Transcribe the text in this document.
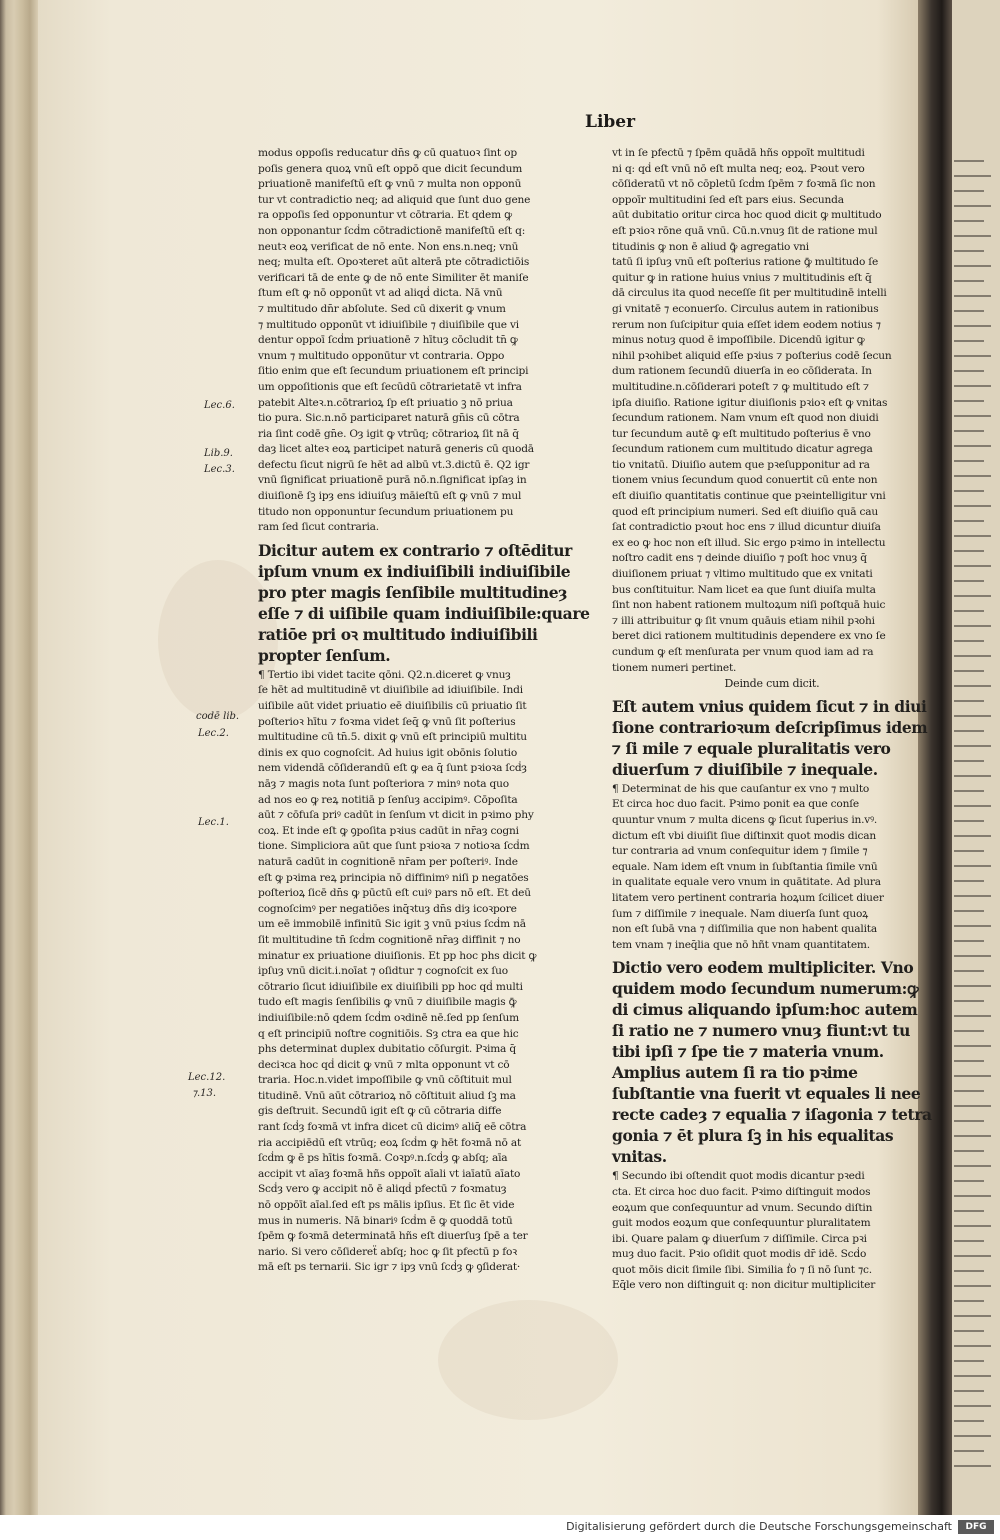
Liber
Lec.6.
Lib.9.
Lec.3.
codē lib.
Lec.2.
Lec.1.
Lec.12.
⁊.13.
modus oppoſis reducatur dn̄s ꝙ cū quatuoꝛ ſint op
poſis genera quoꝝ vnū eſt oppō que dicit ſecundum
priuationē manifeſtū eſt ꝙ vnū ⁊ multa non opponū
tur vt contradictio neq; ad aliquid que ſunt duo gene
ra oppoſis ſed opponuntur vt cōtraria. Et qdem ꝙ
non opponantur ſcḋm cōtradictionē manifeſtū eſt q:
neutꝛ eoꝝ verificat de nō ente. Non ens.n.neq; vnū
neq; multa eſt. Opoꝛteret aūt alterā pte cōtradictiōis
verificari tā de ente ꝙ de nō ente Similiter ēt maniſe
ſtum eſt ꝙ nō opponūt vt ad aliqḋ dicta. Nā vnū
⁊ multitudo dn̄r abſolute. Sed cū dixerit ꝙ vnum
⁊ multitudo opponūt vt idiuiſibile ⁊ diuiſibile que vi
dentur oppoī ſcḋm priuationē ⁊ hītuȝ cōcludit tn̄ ꝙ
vnum ⁊ multitudo opponūtur vt contraria. Oppo
ſitio enim que eſt ſecundum priuationem eſt principi
um oppoſitionis que eſt ſecūdū cōtrarietatē vt infra
patebit Alteꝛ.n.cōtrarioꝝ ſp eſt priuatio ꝫ nō priua
tio pura. Sic.n.nō participaret naturā gn̄is cū cōtra
ria ſint codē gn̄e. Oȝ igit ꝙ vtrūq; cōtrarioꝝ ſit nā q̄
daȝ licet alteꝛ eoꝝ participet naturā generis cū quodā
defectu ſicut nigrū ſe hēt ad albū vt.3.dictū ē. Q2 igr
vnū ſignificat priuationē purā nō.n.ſignificat ipſaȝ in
diuiſionē ſꝫ ipȝ ens idiuiſuȝ māieſtū eſt ꝙ vnū ⁊ mul
titudo non opponuntur ſecundum priuationem pu
ram ſed ſicut contraria.

Dicitur autem ex contrario ⁊ oſtēditur ipſum vnum ex indiuiſibili indiuiſibile pro pter magis ſenſibile multitudineȝ eſſe ⁊ di uiſibile quam indiuiſibile:quare ratiōe pri oꝛ multitudo indiuiſibili propter ſenſum.

¶ Tertio ibi videt tacite qōni. Q2.n.diceret ꝙ vnuȝ
ſe hēt ad multitudinē vt diuiſibile ad idiuiſibile. Indi
uiſibile aūt videt priuatio eē diuiſibilis cū priuatio ſit
poſterioꝛ hītu ⁊ foꝛma videt ſeq̄ ꝙ vnū ſit poſterius
multitudine cū tn̄.5. dixit ꝙ vnū eſt principiū multitu
dinis ex quo cognoſcit. Ad huius igit obōnis ſolutio
nem videndā cōſiderandū eſt ꝙ ea q̄ ſunt pꝛioꝛa ſcḋȝ
nāȝ ⁊ magis nota ſunt poſteriora ⁊ minꝰ nota quo
ad nos eo ꝙ reꝝ notitiā p ſenſuȝ accipimꝰ. Cōpoſita
aūt ⁊ cōfuſa priꝰ cadūt in ſenſum vt dicit in pꝛimo phy
coꝝ. Et inde eſt ꝙ ꝯpoſita pꝛius cadūt in nr̄aȝ cogni
tione. Simpliciora aūt que ſunt pꝛioꝛa ⁊ notioꝛa ſcḋm
naturā cadūt in cognitionē nr̄am per poſteriꝰ. Inde
eſt ꝙ pꝛima reꝝ principia nō diffinimꝰ niſi p negatōes
poſterioꝝ ſicē dn̄s ꝙ pūctū eſt cuiꝰ pars nō eſt. Et deū
cognoſcimꝰ per negatiōes inq̄ꝛtuȝ dn̄s diȝ icoꝛpore
um eē immobilē infinitū Sic igit ꝫ vnū pꝛius ſcḋm nā
ſit multitudine tn̄ ſcḋm cognitionē nr̄aȝ diffinit ⁊ no
minatur ex priuatione diuiſionis. Et pp hoc phs dicit ꝙ
ipſuȝ vnū dicit.i.noīat ⁊ oſidtur ⁊ cognoſcit ex ſuo
cōtrario ſicut idiuiſibile ex diuiſibili pp hoc qḋ multi
tudo eſt magis ſenſibilis ꝙ vnū ⁊ diuiſibile magis ꝙ̄
indiuiſibile:nō qdem ſcḋm oꝛdinē nē.ſed pp ſenſum
q eſt principiū noſtre cognitiōis. Sȝ ctra ea que hic
phs determinat duplex dubitatio cōſurgit. Pꝛima q̄
deciꝛca hoc qḋ dicit ꝙ vnū ⁊ mlta opponunt vt cō
traria. Hoc.n.videt impoſſibile ꝙ vnū cōſtituit mul
titudinē. Vnū aūt cōtrarioꝝ nō cōſtituit aliud ſꝫ ma
gis deſtruit. Secundū igit eſt ꝙ cū cōtraria diffe
rant ſcḋȝ foꝛmā vt infra dicet cū dicimꝰ aliq̄ eē cōtra
ria accipiēdū eſt vtrūq; eoꝝ ſcḋm ꝙ hēt foꝛmā nō at
ſcḋm ꝙ ē ps hītis foꝛmā. Coꝛpꝰ.n.ſcḋȝ ꝙ abſq; aīa
accipit vt aīaȝ foꝛmā hñs oppoīt aīali vt iaīatū aīato
Scḋȝ vero ꝙ accipit nō ē aliqḋ pfectū ⁊ foꝛmatuȝ
nō oppōīt aīal.ſed eſt ps mālis ipſius. Et ſic ēt vide
mus in numeris. Nā binariꝰ ſcḋm ē ꝙ quoddā totū
ſpēm ꝙ foꝛmā determinatā hñs eſt diuerſuȝ ſpē a ter
nario. Si vero cōſidereẗ abſq; hoc ꝙ ſit pfectū p foꝛ
mā eſt ps ternarii. Sic igr ⁊ ipȝ vnū ſcḋȝ ꝙ ꝯſiderat·
vt in ſe pfectū ⁊ ſpēm quādā hñs oppoīt multitudi
ni q: qḋ eſt vnū nō eſt multa neq; eoꝝ. Pꝛout vero
cōſideratū vt nō cōpletū ſcḋm ſpēm ⁊ foꝛmā ſic non
oppoīr multitudini ſed eſt pars eius. Secunda
aūt dubitatio oritur circa hoc quod dicit ꝙ multitudo
eſt pꝛioꝛ rōne quā vnū. Cū.n.vnuȝ ſit de ratione mul
titudinis ꝙ non ē aliud ꝙ̄ agregatio vni
tatū ſi ipſuȝ vnū eſt poſterius ratione ꝙ̄ multitudo ſe
quitur ꝙ in ratione huius vnius ⁊ multitudinis eſt q̄
dā circulus ita quod neceſſe ſit per multitudinē intelli
gi vnitatē ⁊ econuerſo. Circulus autem in rationibus
rerum non ſuſcipitur quia eſſet idem eodem notius ⁊
minus notuȝ quod ē impoſſibile. Dicendū igitur ꝙ
nihil pꝛohibet aliquid eſſe pꝛius ⁊ poſterius codē ſecun
dum rationem ſecundū diuerſa in eo cōſiderata. In
multitudine.n.cōſiderari poteſt ⁊ ꝙ multitudo eſt ⁊
ipſa diuiſio. Ratione igitur diuiſionis pꝛioꝛ eſt ꝙ vnitas
ſecundum rationem. Nam vnum eſt quod non diuidi
tur ſecundum autē ꝙ eſt multitudo poſterius ē vno
ſecundum rationem cum multitudo dicatur agrega
tio vnitatū. Diuiſio autem que pꝛeſupponitur ad ra
tionem vnius ſecundum quod conuertit cū ente non
eſt diuiſio quantitatis continue que pꝛeintelligitur vni
quod eſt principium numeri. Sed eſt diuiſio quā cau
ſat contradictio pꝛout hoc ens ⁊ illud dicuntur diuiſa
ex eo ꝙ hoc non eſt illud. Sic ergo pꝛimo in intellectu
noſtro cadit ens ⁊ deinde diuiſio ⁊ poſt hoc vnuȝ q̄
diuiſionem priuat ⁊ vltimo multitudo que ex vnitati
bus conſtituitur. Nam licet ea que ſunt diuiſa multa
ſint non habent rationem multoꝝum niſi poſtquā huic
⁊ illi attribuitur ꝙ ſit vnum quāuis etiam nihil pꝛohi
beret dici rationem multitudinis dependere ex vno ſe
cundum ꝙ eſt menſurata per vnum quod iam ad ra
tionem numeri pertinet.

Deinde cum dicit.

Eſt autem vnius quidem ſicut ⁊ in diui ſione contrarioꝛum deſcripſimus idem ⁊ ſi mile ⁊ equale pluralitatis vero diuerſum ⁊ diuiſibile ⁊ inequale.

¶ Determinat de his que cauſantur ex vno ⁊ multo
Et circa hoc duo facit. Pꝛimo ponit ea que conſe
quuntur vnum ⁊ multa dicens ꝙ ſicut ſuperius in.vꝰ.
dictum eſt vbi diuiſit ſiue diſtinxit quot modis dican
tur contraria ad vnum conſequitur idem ⁊ ſimile ⁊
equale. Nam idem eſt vnum in ſubſtantia ſimile vnū
in qualitate equale vero vnum in quātitate. Ad plura
litatem vero pertinent contraria hoꝝum ſcilicet diuer
ſum ⁊ diſſimile ⁊ inequale. Nam diuerſa ſunt quoꝝ
non eſt ſubā vna ⁊ diſſimilia que non habent qualita
tem vnam ⁊ ineq̄lia que nō hñt vnam quantitatem.

Dictio vero eodem multipliciter. Vno quidem modo ſecundum numerum:ꝙ di cimus aliquando ipſum:hoc autem ſi ratio ne ⁊ numero vnuȝ fiunt:vt tu tibi ipſi ⁊ ſpe tie ⁊ materia vnum. Amplius autem ſi ra tio pꝛime ſubſtantie vna fuerit vt equales li nee recte cadeȝ ⁊ equalia ⁊ iſagonia ⁊ tetra gonia ⁊ ēt plura ſꝫ in his equalitas vnitas.

¶ Secundo ibi oſtendit quot modis dicantur pꝛedi
cta. Et circa hoc duo facit. Pꝛimo diſtinguit modos
eoꝝum que conſequuntur ad vnum. Secundo diſtin
guit modos eoꝝum que conſequuntur pluralitatem
ibi. Quare palam ꝙ diuerſum ⁊ diſſimile. Circa pꝛi
muȝ duo facit. Pꝛio oſidit quot modis dr̄ idē. Scḋo
quot mōis dicit ſimile ſibi. Similia ḟo ⁊ ſi nō ſunt ⁊c.
Eq̄le vero non diſtinguit q: non dicitur multipliciter
Digitalisierung gefördert durch die Deutsche Forschungsgemeinschaft	DFG
